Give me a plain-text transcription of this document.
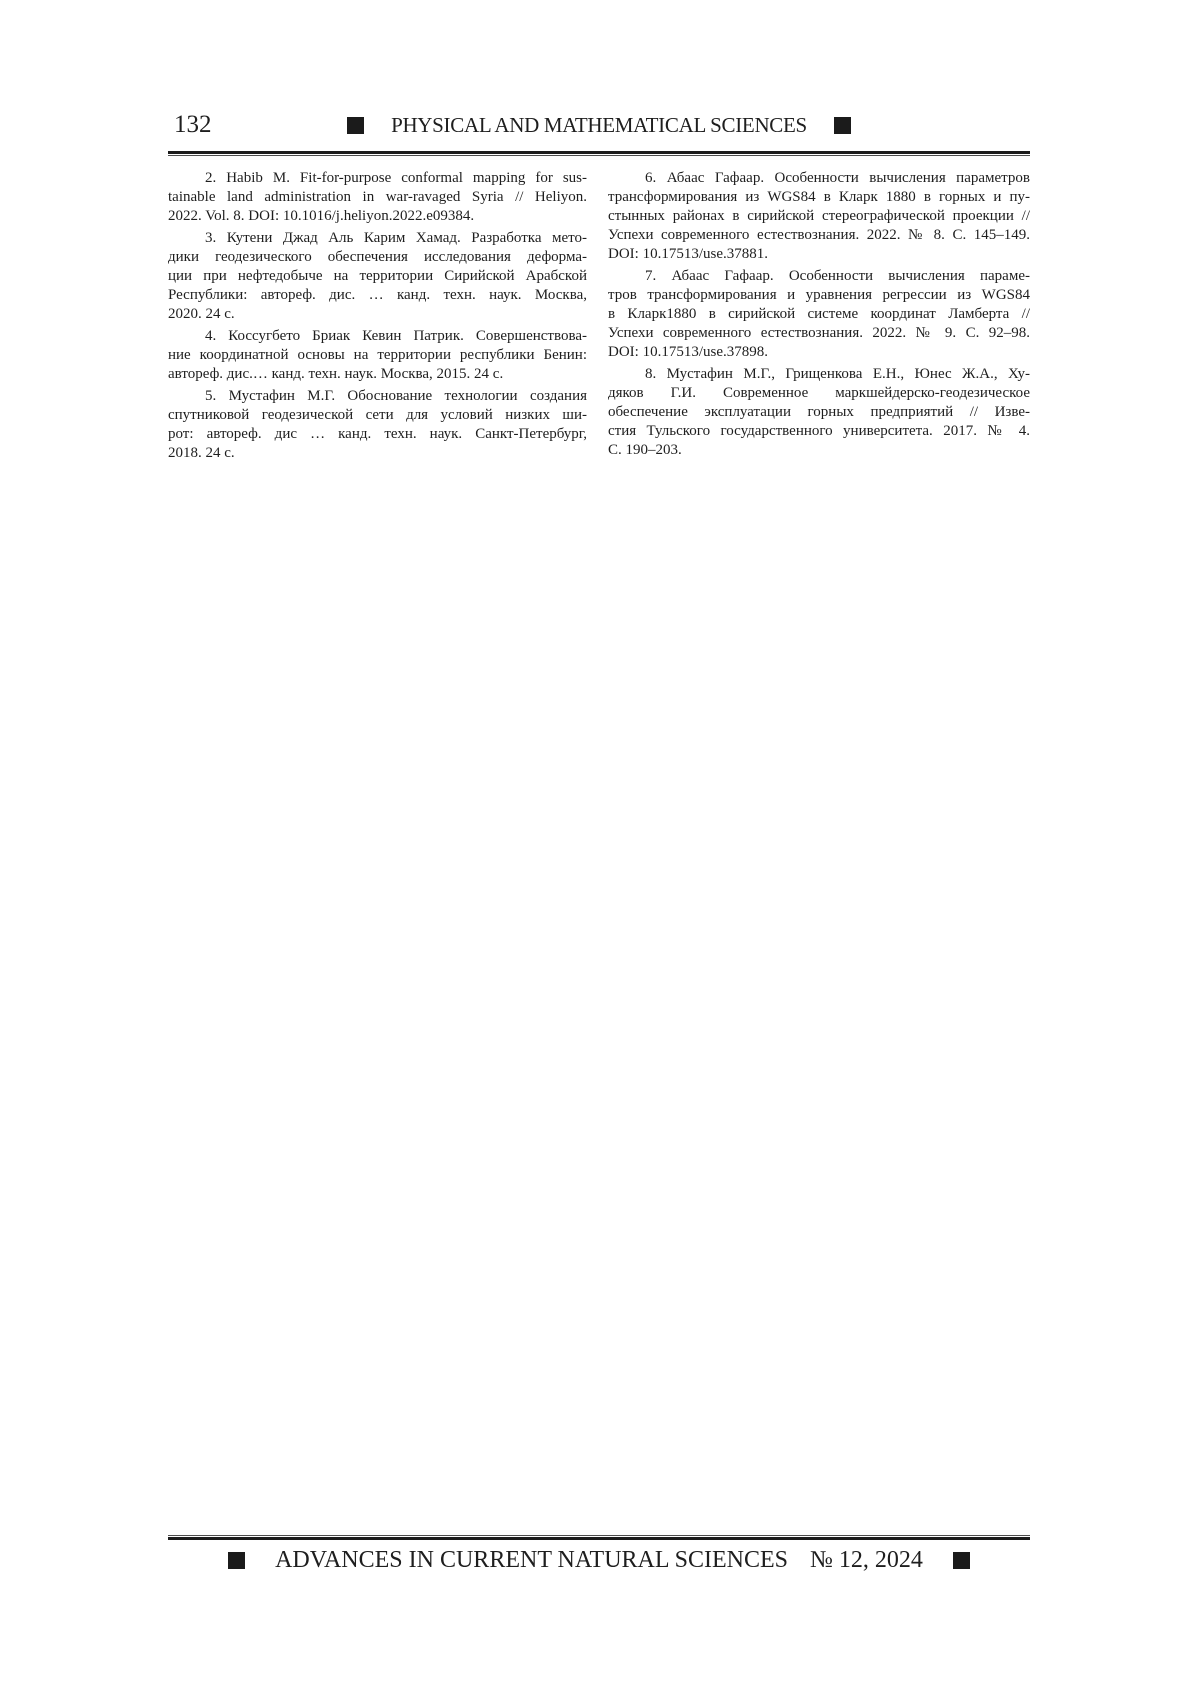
132	PHYSICAL AND MATHEMATICAL SCIENCES
2. Habib M. Fit-for-purpose conformal mapping for sus-
tainable land administration in war-ravaged Syria // Heliyon.
2022. Vol. 8. DOI: 10.1016/j.heliyon.2022.e09384.
3. Кутени Джад Аль Карим Хамад. Разработка мето-
дики геодезического обеспечения исследования деформа-
ции при нефтедобыче на территории Сирийской Арабской
Республики: автореф. дис. … канд. техн. наук. Москва,
2020. 24 с.
4. Коссугбето Бриак Кевин Патрик. Совершенствова-
ние координатной основы на территории республики Бенин:
автореф. дис.… канд. техн. наук. Москва, 2015. 24 с.
5. Мустафин М.Г. Обоснование технологии создания
спутниковой геодезической сети для условий низких ши-
рот: автореф. дис … канд. техн. наук. Санкт-Петербург,
2018. 24 с.
6. Абаас Гафаар. Особенности вычисления параметров
трансформирования из WGS84 в Кларк 1880 в горных и пу-
стынных районах в сирийской стереографической проекции //
Успехи современного естествознания. 2022. № 8. С. 145–149.
DOI: 10.17513/use.37881.
7. Абаас Гафаар. Особенности вычисления параме-
тров трансформирования и уравнения регрессии из WGS84
в Кларк1880 в сирийской системе координат Ламберта //
Успехи современного естествознания. 2022. № 9. С. 92–98.
DOI: 10.17513/use.37898.
8. Мустафин М.Г., Грищенкова Е.Н., Юнес Ж.А., Ху-
дяков Г.И. Современное маркшейдерско-геодезическое
обеспечение эксплуатации горных предприятий // Изве-
стия Тульского государственного университета. 2017. № 4.
С. 190–203.
ADVANCES IN CURRENT NATURAL SCIENCES № 12, 2024
